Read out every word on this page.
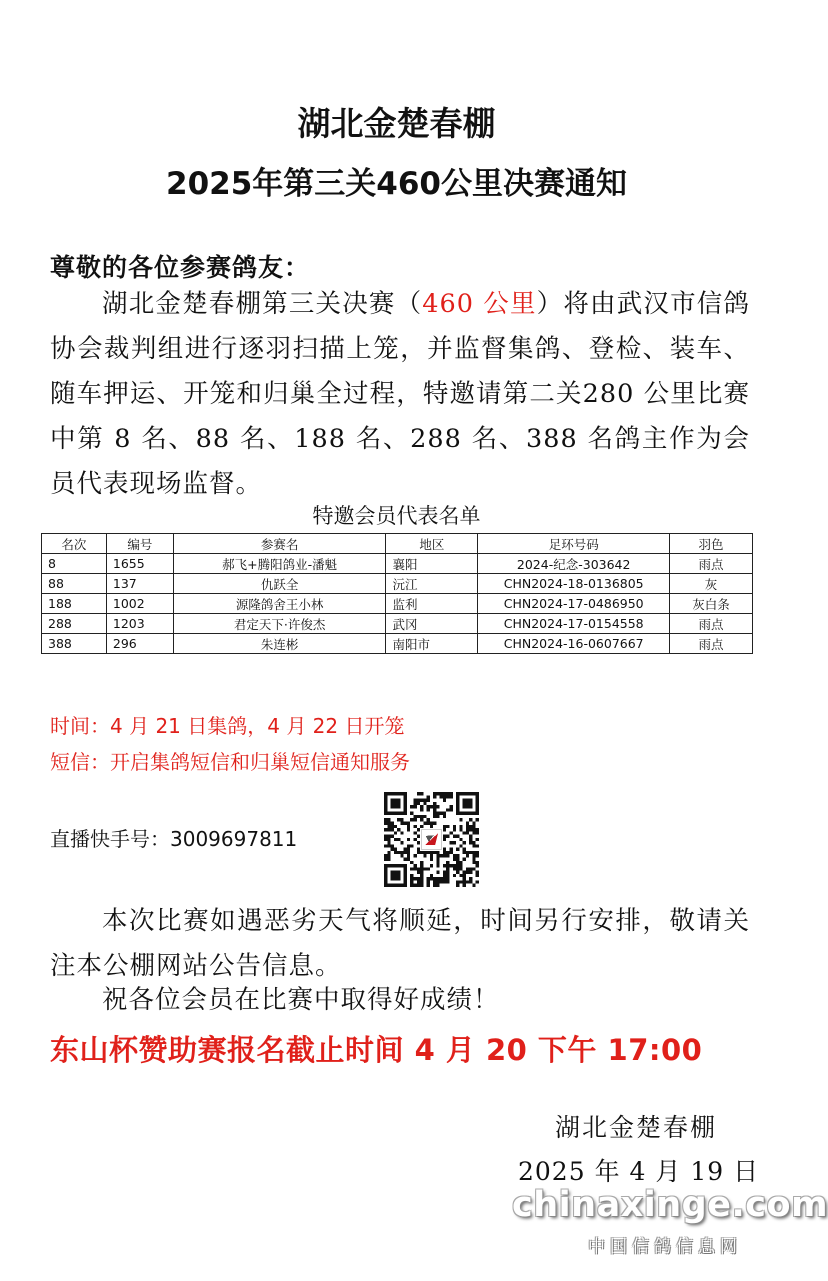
湖北金楚春棚
2025年第三关460公里决赛通知
尊敬的各位参赛鸽友：
湖北金楚春棚第三关决赛（460 公里）将由武汉市信鸽协会裁判组进行逐羽扫描上笼，并监督集鸽、登检、装车、随车押运、开笼和归巢全过程，特邀请第二关280 公里比赛中第 8 名、88 名、188 名、288 名、388 名鸽主作为会员代表现场监督。
特邀会员代表名单
名次	编号	参赛名	地区	足环号码	羽色
8	1655	郝飞+腾阳鸽业-潘魁	襄阳	2024-纪念-303642	雨点
88	137	仇跃全	沅江	CHN2024-18-0136805	灰
188	1002	源隆鸽舍王小林	监利	CHN2024-17-0486950	灰白条
288	1203	君定天下·许俊杰	武冈	CHN2024-17-0154558	雨点
388	296	朱连彬	南阳市	CHN2024-16-0607667	雨点
时间：4 月 21 日集鸽，4 月 22 日开笼
短信：开启集鸽短信和归巢短信通知服务
直播快手号：3009697811
本次比赛如遇恶劣天气将顺延，时间另行安排，敬请关注本公棚网站公告信息。
祝各位会员在比赛中取得好成绩！
东山杯赞助赛报名截止时间 4 月 20 下午 17:00
湖北金楚春棚
2025 年 4 月 19 日
chinaxinge.com
中国信鸽信息网
